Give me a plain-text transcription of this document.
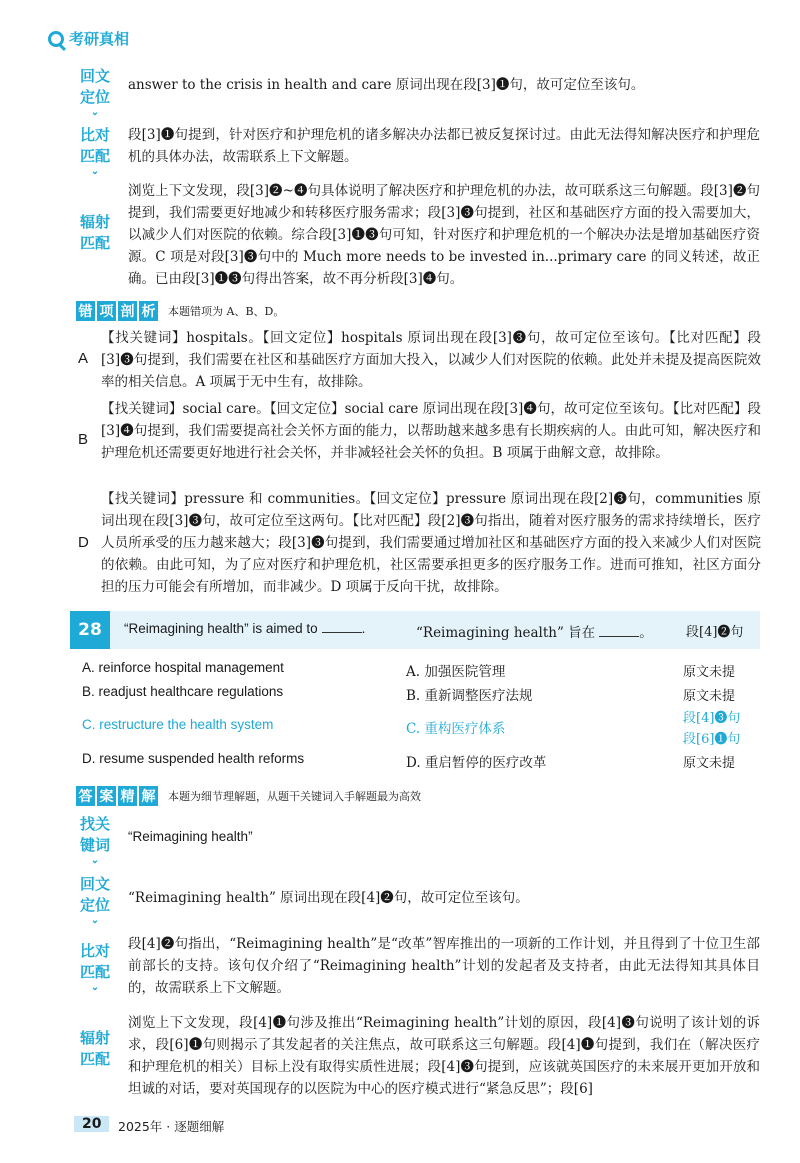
考研真相
回文
定位
⌄
answer to the crisis in health and care 原词出现在段[3]❶句，故可定位至该句。
比对
匹配
⌄
段[3]❶句提到，针对医疗和护理危机的诸多解决办法都已被反复探讨过。由此无法得知解决医疗和护理危机的具体办法，故需联系上下文解题。
辐射
匹配
浏览上下文发现，段[3]❷~❹句具体说明了解决医疗和护理危机的办法，故可联系这三句解题。段[3]❷句提到，我们需要更好地减少和转移医疗服务需求；段[3]❸句提到，社区和基础医疗方面的投入需要加大，以减少人们对医院的依赖。综合段[3]❶❸句可知，针对医疗和护理危机的一个解决办法是增加基础医疗资源。C 项是对段[3]❸句中的 Much more needs to be invested in...primary care 的同义转述，故正确。已由段[3]❶❸句得出答案，故不再分析段[3]❹句。
错 项 剖 析 本题错项为 A、B、D。
A
【找关键词】hospitals。【回文定位】hospitals 原词出现在段[3]❸句，故可定位至该句。【比对匹配】段[3]❸句提到，我们需要在社区和基础医疗方面加大投入，以减少人们对医院的依赖。此处并未提及提高医院效率的相关信息。A 项属于无中生有，故排除。
B
【找关键词】social care。【回文定位】social care 原词出现在段[3]❹句，故可定位至该句。【比对匹配】段[3]❹句提到，我们需要提高社会关怀方面的能力，以帮助越来越多患有长期疾病的人。由此可知，解决医疗和护理危机还需要更好地进行社会关怀，并非减轻社会关怀的负担。B 项属于曲解文意，故排除。
D
【找关键词】pressure 和 communities。【回文定位】pressure 原词出现在段[2]❸句，communities 原词出现在段[3]❸句，故可定位至这两句。【比对匹配】段[2]❸句指出，随着对医疗服务的需求持续增长，医疗人员所承受的压力越来越大；段[3]❸句提到，我们需要通过增加社区和基础医疗方面的投入来减少人们对医院的依赖。由此可知，为了应对医疗和护理危机，社区需要承担更多的医疗服务工作。进而可推知，社区方面分担的压力可能会有所增加，而非减少。D 项属于反向干扰，故排除。
28	“Reimagining health” is aimed to	.	“Reimagining health” 旨在	。	段[4]❷句
A. reinforce hospital management	A. 加强医院管理	原文未提
B. readjust healthcare regulations	B. 重新调整医疗法规	原文未提
C. restructure the health system	C. 重构医疗体系
段[4]❸句
段[6]❶句
D. resume suspended health reforms	D. 重启暂停的医疗改革	原文未提
答 案 精 解 本题为细节理解题，从题干关键词入手解题最为高效
找关
键词
⌄
“Reimagining health”
回文
定位
⌄
“Reimagining health” 原词出现在段[4]❷句，故可定位至该句。
比对
匹配
⌄
段[4]❷句指出，“Reimagining health”是“改革”智库推出的一项新的工作计划，并且得到了十位卫生部前部长的支持。该句仅介绍了“Reimagining health”计划的发起者及支持者，由此无法得知其具体目的，故需联系上下文解题。
辐射
匹配
浏览上下文发现，段[4]❶句涉及推出“Reimagining health”计划的原因，段[4]❸句说明了该计划的诉求，段[6]❶句则揭示了其发起者的关注焦点，故可联系这三句解题。段[4]❶句提到，我们在（解决医疗和护理危机的相关）目标上没有取得实质性进展；段[4]❸句提到，应该就英国医疗的未来展开更加开放和坦诚的对话，要对英国现存的以医院为中心的医疗模式进行“紧急反思”；段[6]
20	2025年 · 逐题细解
